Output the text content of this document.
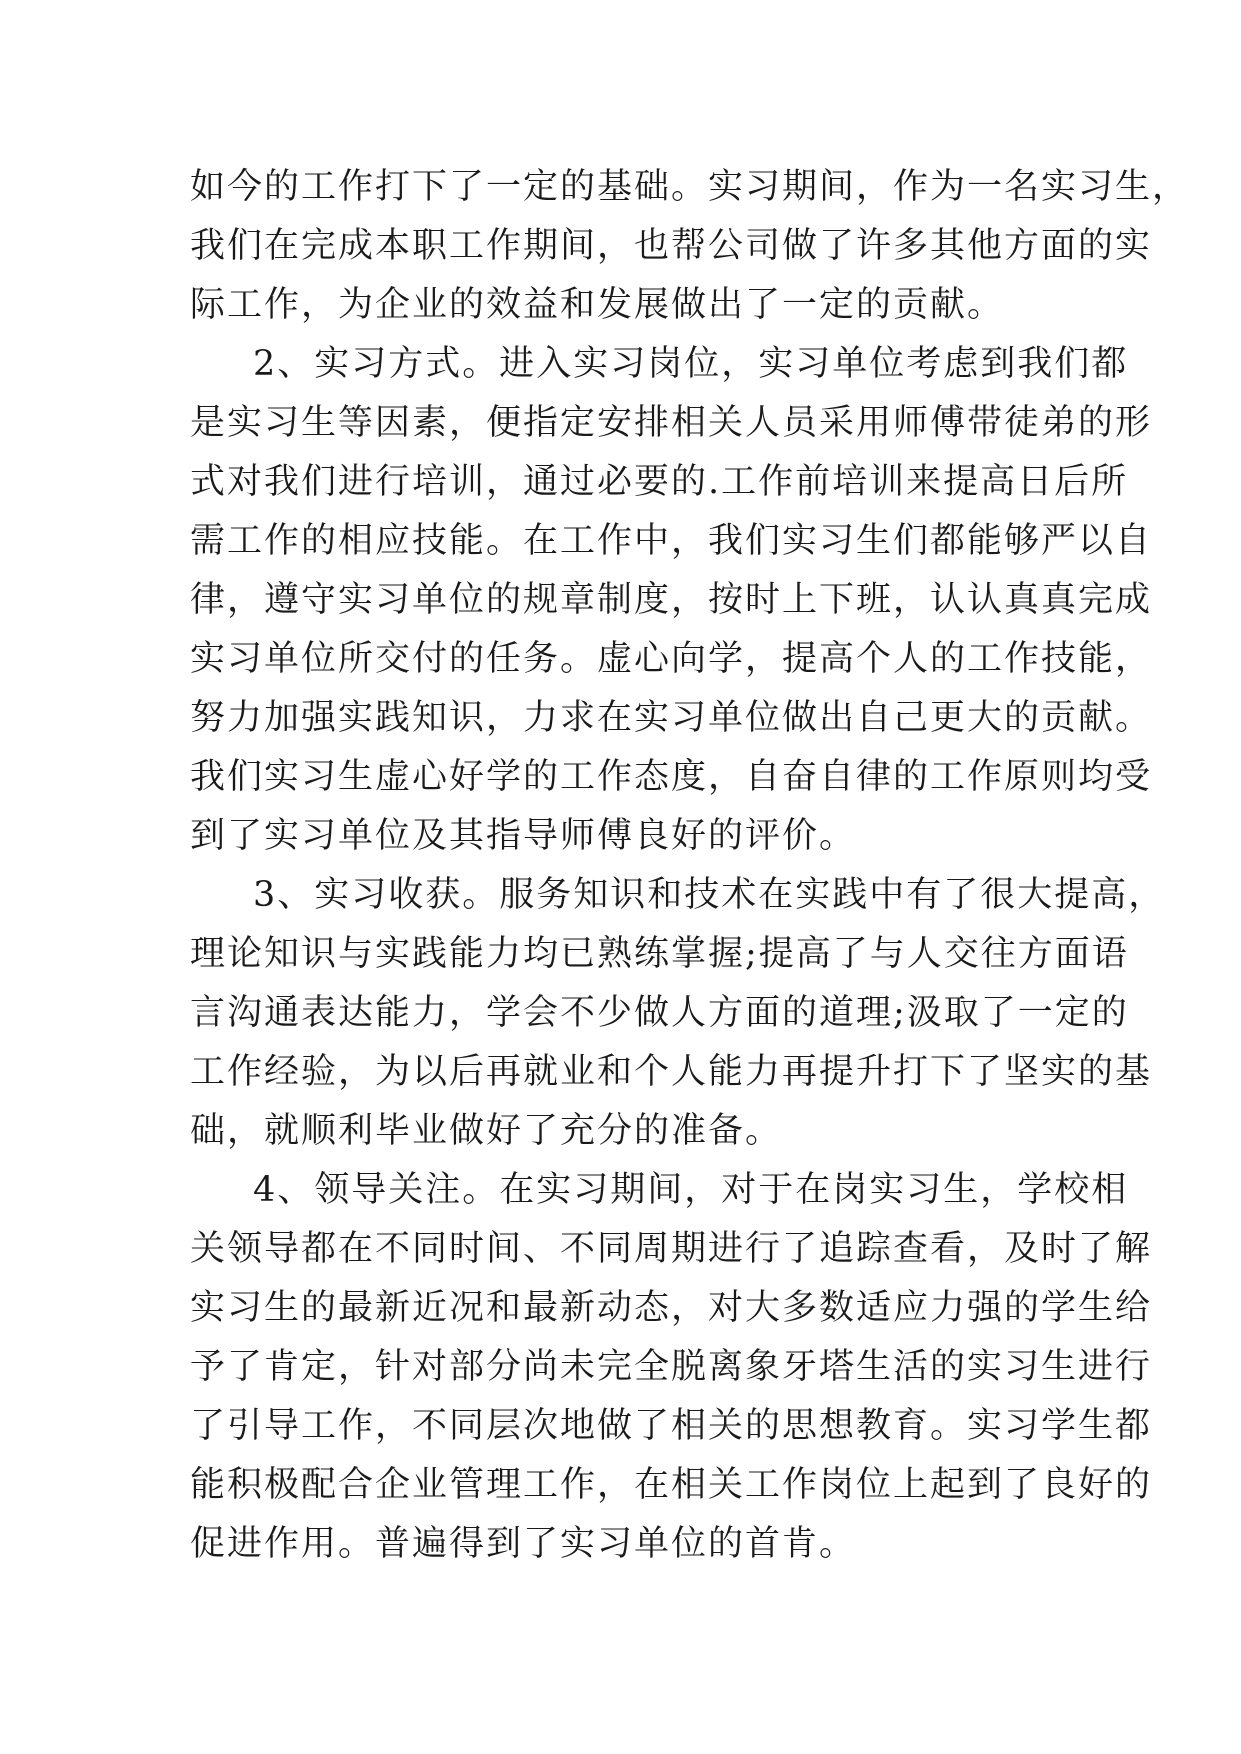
如今的工作打下了一定的基础。实习期间，作为一名实习生，
我们在完成本职工作期间，也帮公司做了许多其他方面的实
际工作，为企业的效益和发展做出了一定的贡献。
2、实习方式。进入实习岗位，实习单位考虑到我们都
是实习生等因素，便指定安排相关人员采用师傅带徒弟的形
式对我们进行培训，通过必要的.工作前培训来提高日后所
需工作的相应技能。在工作中，我们实习生们都能够严以自
律，遵守实习单位的规章制度，按时上下班，认认真真完成
实习单位所交付的任务。虚心向学，提高个人的工作技能，
努力加强实践知识，力求在实习单位做出自己更大的贡献。
我们实习生虚心好学的工作态度，自奋自律的工作原则均受
到了实习单位及其指导师傅良好的评价。
3、实习收获。服务知识和技术在实践中有了很大提高，
理论知识与实践能力均已熟练掌握;提高了与人交往方面语
言沟通表达能力，学会不少做人方面的道理;汲取了一定的
工作经验，为以后再就业和个人能力再提升打下了坚实的基
础，就顺利毕业做好了充分的准备。
4、领导关注。在实习期间，对于在岗实习生，学校相
关领导都在不同时间、不同周期进行了追踪查看，及时了解
实习生的最新近况和最新动态，对大多数适应力强的学生给
予了肯定，针对部分尚未完全脱离象牙塔生活的实习生进行
了引导工作，不同层次地做了相关的思想教育。实习学生都
能积极配合企业管理工作，在相关工作岗位上起到了良好的
促进作用。普遍得到了实习单位的首肯。
